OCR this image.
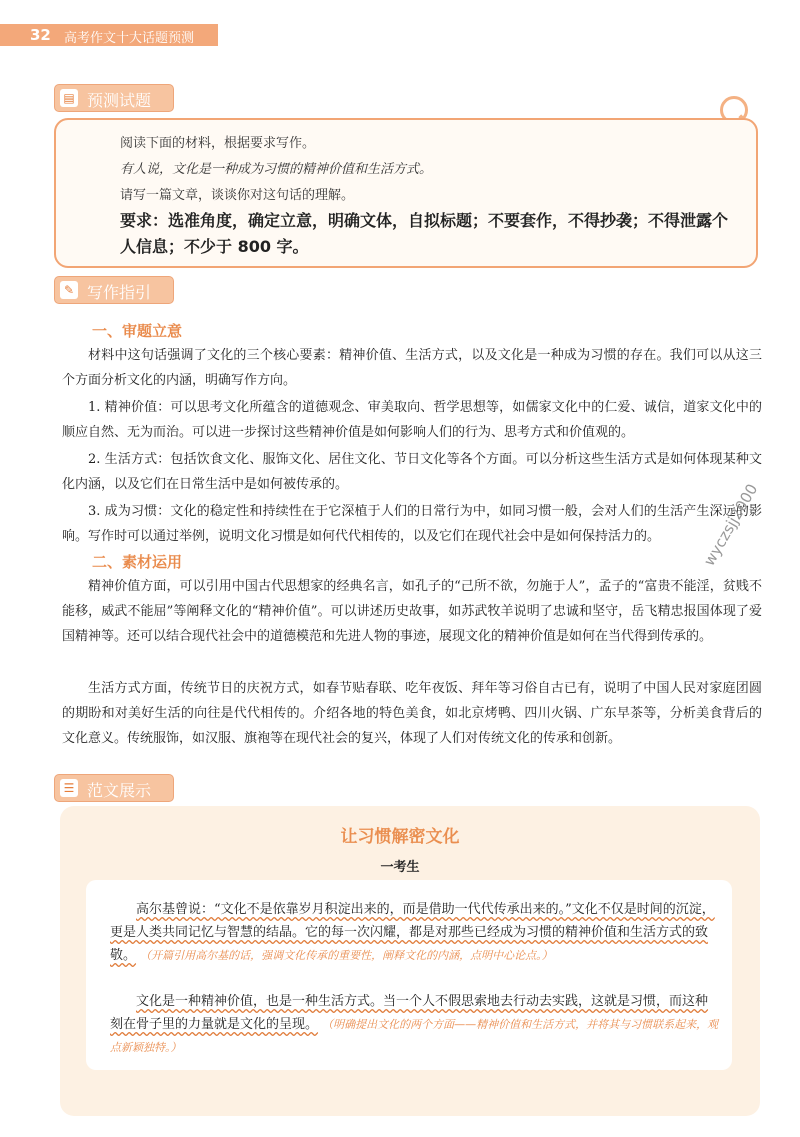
32 高考作文十大话题预测
▤ 预测试题
阅读下面的材料，根据要求写作。
有人说，文化是一种成为习惯的精神价值和生活方式。
请写一篇文章，谈谈你对这句话的理解。
要求：选准角度，确定立意，明确文体，自拟标题；不要套作，不得抄袭；不得泄露个人信息；不少于 800 字。
✎ 写作指引
一、审题立意
材料中这句话强调了文化的三个核心要素：精神价值、生活方式，以及文化是一种成为习惯的存在。我们可以从这三个方面分析文化的内涵，明确写作方向。
1. 精神价值：可以思考文化所蕴含的道德观念、审美取向、哲学思想等，如儒家文化中的仁爱、诚信，道家文化中的顺应自然、无为而治。可以进一步探讨这些精神价值是如何影响人们的行为、思考方式和价值观的。
2. 生活方式：包括饮食文化、服饰文化、居住文化、节日文化等各个方面。可以分析这些生活方式是如何体现某种文化内涵，以及它们在日常生活中是如何被传承的。
3. 成为习惯：文化的稳定性和持续性在于它深植于人们的日常行为中，如同习惯一般，会对人们的生活产生深远的影响。写作时可以通过举例，说明文化习惯是如何代代相传的，以及它们在现代社会中是如何保持活力的。
二、素材运用
精神价值方面，可以引用中国古代思想家的经典名言，如孔子的“己所不欲，勿施于人”，孟子的“富贵不能淫，贫贱不能移，威武不能屈”等阐释文化的“精神价值”。可以讲述历史故事，如苏武牧羊说明了忠诚和坚守，岳飞精忠报国体现了爱国精神等。还可以结合现代社会中的道德模范和先进人物的事迹，展现文化的精神价值是如何在当代得到传承的。
生活方式方面，传统节日的庆祝方式，如春节贴春联、吃年夜饭、拜年等习俗自古已有，说明了中国人民对家庭团圆的期盼和对美好生活的向往是代代相传的。介绍各地的特色美食，如北京烤鸭、四川火锅、广东早茶等，分析美食背后的文化意义。传统服饰，如汉服、旗袍等在现代社会的复兴，体现了人们对传统文化的传承和创新。
☰ 范文展示
让习惯解密文化
一考生
高尔基曾说：“文化不是依靠岁月积淀出来的，而是借助一代代传承出来的。”文化不仅是时间的沉淀，更是人类共同记忆与智慧的结晶。它的每一次闪耀，都是对那些已经成为习惯的精神价值和生活方式的致敬。 （开篇引用高尔基的话，强调文化传承的重要性，阐释文化的内涵，点明中心论点。）
文化是一种精神价值，也是一种生活方式。当一个人不假思索地去行动去实践，这就是习惯，而这种刻在骨子里的力量就是文化的呈现。 （明确提出文化的两个方面——精神价值和生活方式，并将其与习惯联系起来，观点新颖独特。）
wyczsjj2000
